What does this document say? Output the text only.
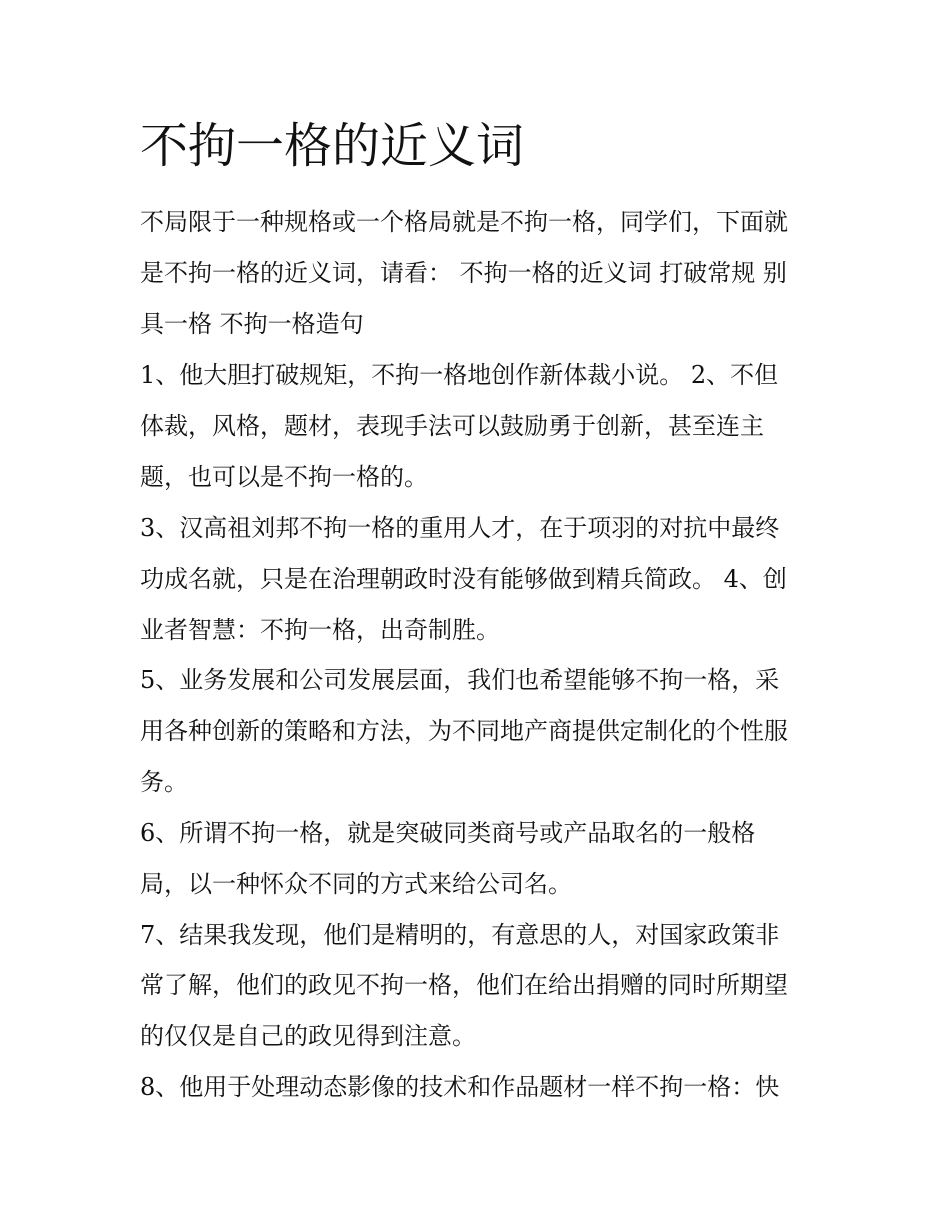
不拘一格的近义词

不局限于一种规格或一个格局就是不拘一格，同学们，下面就

是不拘一格的近义词，请看： 不拘一格的近义词 打破常规 别

具一格 不拘一格造句

1、他大胆打破规矩，不拘一格地创作新体裁小说。 2、不但

体裁，风格，题材，表现手法可以鼓励勇于创新，甚至连主

题，也可以是不拘一格的。

3、汉高祖刘邦不拘一格的重用人才，在于项羽的对抗中最终

功成名就，只是在治理朝政时没有能够做到精兵简政。 4、创

业者智慧：不拘一格，出奇制胜。

5、业务发展和公司发展层面，我们也希望能够不拘一格，采

用各种创新的策略和方法，为不同地产商提供定制化的个性服

务。

6、所谓不拘一格，就是突破同类商号或产品取名的一般格

局，以一种怀众不同的方式来给公司名。

7、结果我发现，他们是精明的，有意思的人，对国家政策非

常了解，他们的政见不拘一格，他们在给出捐赠的同时所期望

的仅仅是自己的政见得到注意。

8、他用于处理动态影像的技术和作品题材一样不拘一格：快
